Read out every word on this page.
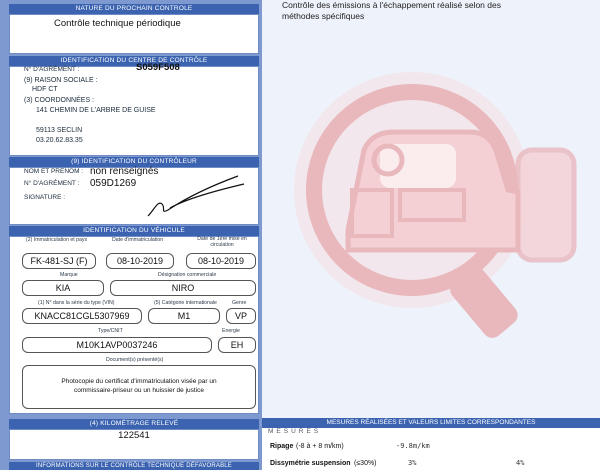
NATURE DU PROCHAIN CONTROLE
Contrôle technique périodique
IDENTIFICATION DU CENTRE DE CONTRÔLE
N° D'AGRÉMENT :	S059F508
(9) RAISON SOCIALE :
HDF CT
(3) COORDONNÉES :
141 CHEMIN DE L'ARBRE DE GUISE
59113 SECLIN
03.20.62.83.35
(9) IDENTIFICATION DU CONTRÔLEUR
NOM ET PRENOM : non renseignés
N° D'AGRÉMENT : 059D1269
SIGNATURE :
IDENTIFICATION DU VÉHICULE
(2) Immatriculation et pays	Date d'immatriculation	Date de 1ère mise en circulation
FK-481-SJ (F)	08-10-2019	08-10-2019
Marque	Désignation commerciale
KIA	NIRO
(1) N° dans la série du type (VIN)	(5) Catégorie internationale	Genre
KNACC81CGL5307969	M1	VP
Type/CNIT	Energie
M10K1AVP0037246	EH
Document(s) présenté(s)
Photocopie du certificat d'immatriculation visée par un
commissaire-priseur ou un huissier de justice
(4) KILOMÉTRAGE RELEVÉ
122541
INFORMATIONS SUR LE CONTRÔLE TECHNIQUE DÉFAVORABLE
Contrôle des émissions à l'échappement réalisé selon des
méthodes spécifiques
MESURES RÉALISÉES ET VALEURS LIMITES CORRESPONDANTES
MESURES
Ripage (-8 à + 8 m/km)	-9.8m/km
Dissymétrie suspension (≤30%)	3%	4%
